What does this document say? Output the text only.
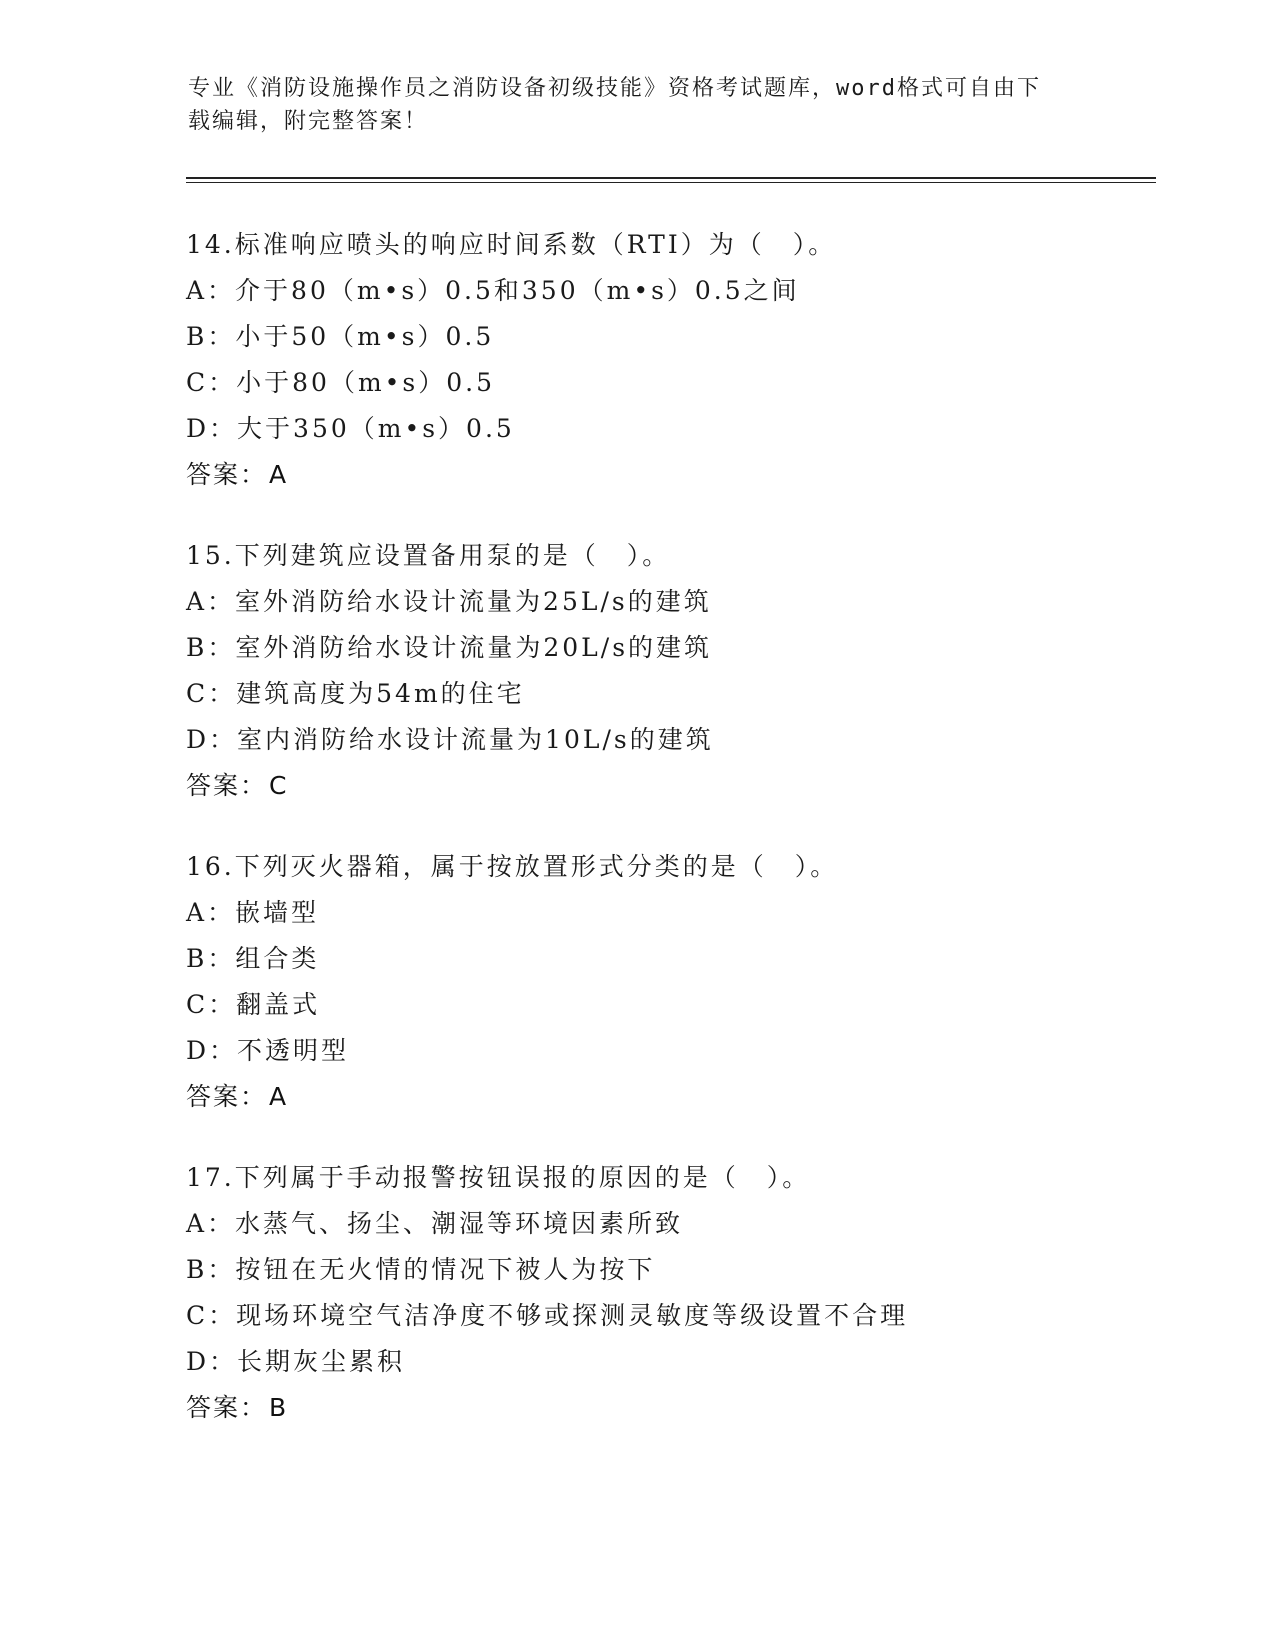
专业《消防设施操作员之消防设备初级技能》资格考试题库，word格式可自由下
载编辑，附完整答案！
14.标准响应喷头的响应时间系数（RTI）为（　）。
A：介于80（m•s）0.5和350（m•s）0.5之间
B：小于50（m•s）0.5
C：小于80（m•s）0.5
D：大于350（m•s）0.5
答案：A
15.下列建筑应设置备用泵的是（　）。
A：室外消防给水设计流量为25L/s的建筑
B：室外消防给水设计流量为20L/s的建筑
C：建筑高度为54m的住宅
D：室内消防给水设计流量为10L/s的建筑
答案：C
16.下列灭火器箱，属于按放置形式分类的是（　）。
A：嵌墙型
B：组合类
C：翻盖式
D：不透明型
答案：A
17.下列属于手动报警按钮误报的原因的是（　）。
A：水蒸气、扬尘、潮湿等环境因素所致
B：按钮在无火情的情况下被人为按下
C：现场环境空气洁净度不够或探测灵敏度等级设置不合理
D：长期灰尘累积
答案：B
